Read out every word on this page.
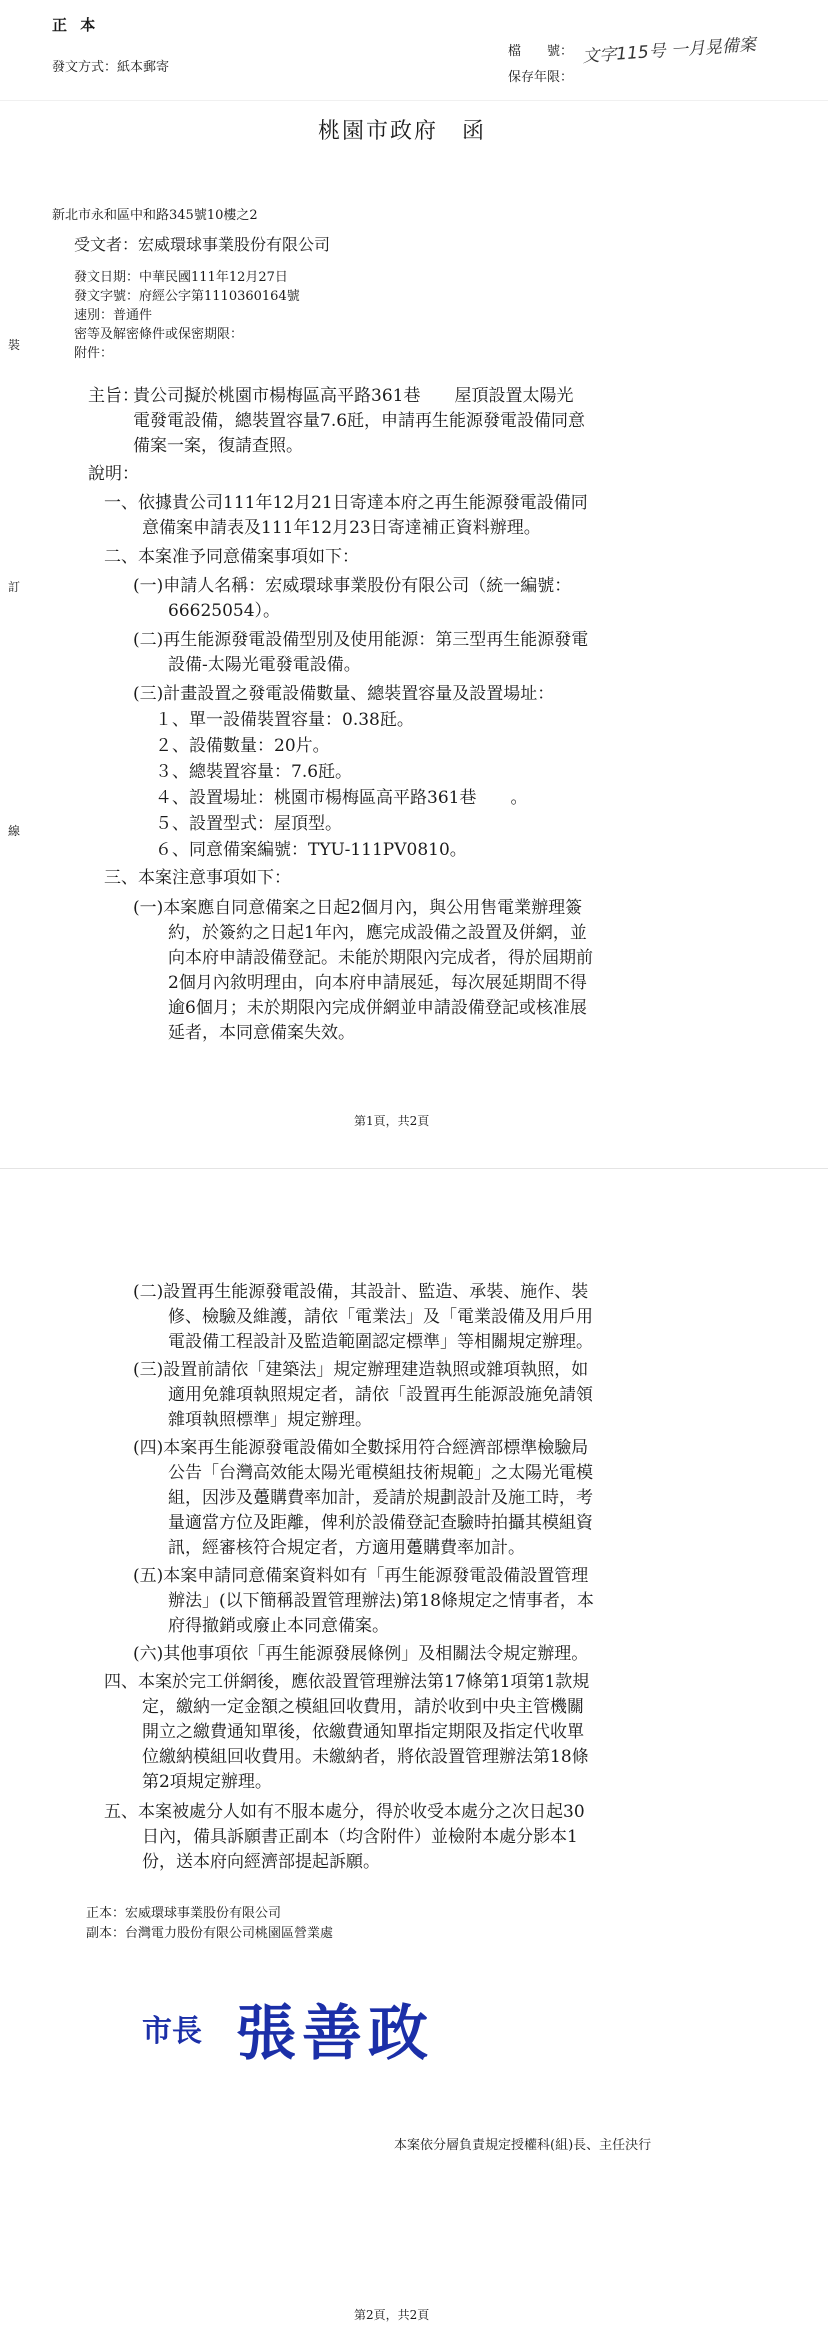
正 本
發文方式：紙本郵寄
檔　　號：
保存年限：
文字115号 一月晃備案
桃園市政府　函
新北市永和區中和路345號10樓之2
受文者：宏威環球事業股份有限公司
發文日期：中華民國111年12月27日
發文字號：府經公字第1110360164號
速別：普通件
密等及解密條件或保密期限：
附件：
裝
訂
線
主旨：
貴公司擬於桃園市楊梅區高平路361巷　　屋頂設置太陽光
電發電設備，總裝置容量7.6瓩，申請再生能源發電設備同意
備案一案，復請查照。
說明：
一、依據貴公司111年12月21日寄達本府之再生能源發電設備同
意備案申請表及111年12月23日寄達補正資料辦理。
二、本案准予同意備案事項如下：
(一)申請人名稱：宏威環球事業股份有限公司（統一編號：
66625054）。
(二)再生能源發電設備型別及使用能源：第三型再生能源發電
設備-太陽光電發電設備。
(三)計畫設置之發電設備數量、總裝置容量及設置場址：
１、單一設備裝置容量：0.38瓩。
２、設備數量：20片。
３、總裝置容量：7.6瓩。
４、設置場址：桃園市楊梅區高平路361巷　　。
５、設置型式：屋頂型。
６、同意備案編號：TYU-111PV0810。
三、本案注意事項如下：
(一)本案應自同意備案之日起2個月內，與公用售電業辦理簽
約，於簽約之日起1年內，應完成設備之設置及併網，並
向本府申請設備登記。未能於期限內完成者，得於屆期前
2個月內敘明理由，向本府申請展延，每次展延期間不得
逾6個月；未於期限內完成併網並申請設備登記或核准展
延者，本同意備案失效。
第1頁，共2頁
(二)設置再生能源發電設備，其設計、監造、承裝、施作、裝
修、檢驗及維護，請依「電業法」及「電業設備及用戶用
電設備工程設計及監造範圍認定標準」等相關規定辦理。
(三)設置前請依「建築法」規定辦理建造執照或雜項執照，如
適用免雜項執照規定者，請依「設置再生能源設施免請領
雜項執照標準」規定辦理。
(四)本案再生能源發電設備如全數採用符合經濟部標準檢驗局
公告「台灣高效能太陽光電模組技術規範」之太陽光電模
組，因涉及躉購費率加計，爰請於規劃設計及施工時，考
量適當方位及距離，俾利於設備登記查驗時拍攝其模組資
訊，經審核符合規定者，方適用躉購費率加計。
(五)本案申請同意備案資料如有「再生能源發電設備設置管理
辦法」(以下簡稱設置管理辦法)第18條規定之情事者，本
府得撤銷或廢止本同意備案。
(六)其他事項依「再生能源發展條例」及相關法令規定辦理。
四、本案於完工併網後，應依設置管理辦法第17條第1項第1款規
定，繳納一定金額之模組回收費用，請於收到中央主管機關
開立之繳費通知單後，依繳費通知單指定期限及指定代收單
位繳納模組回收費用。未繳納者，將依設置管理辦法第18條
第2項規定辦理。
五、本案被處分人如有不服本處分，得於收受本處分之次日起30
日內，備具訴願書正副本（均含附件）並檢附本處分影本1
份，送本府向經濟部提起訴願。
正本：宏威環球事業股份有限公司
副本：台灣電力股份有限公司桃園區營業處
市長 張善政
本案依分層負責規定授權科(組)長、主任決行
第2頁，共2頁
